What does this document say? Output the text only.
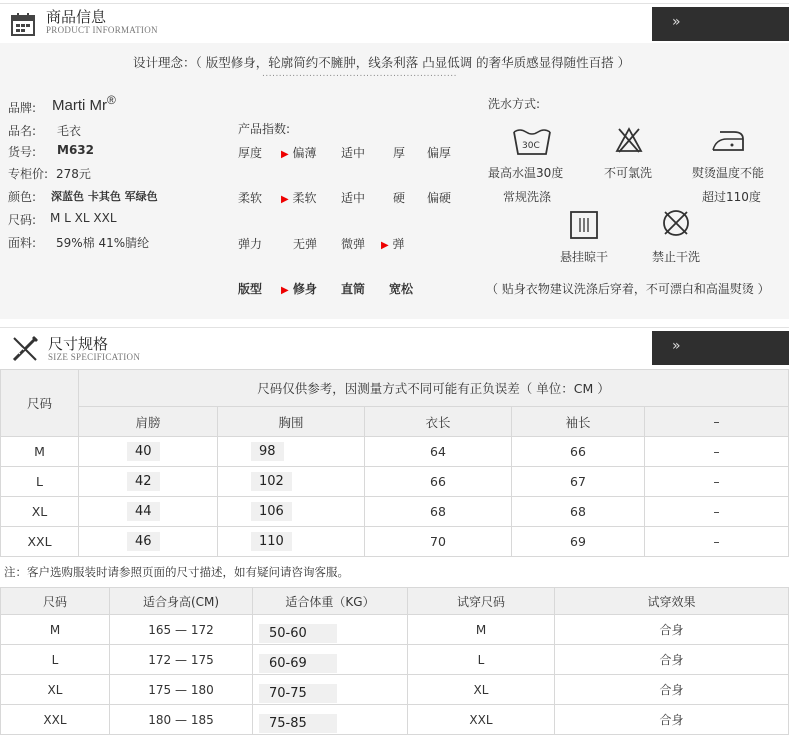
商品信息
PRODUCT INFORMATION	»
设计理念：（ 版型修身，轮廓简约不臃肿，线条利落 凸显低调 的奢华质感显得随性百搭 ）
..........................................................
品牌: Marti Mr®
品名: 毛衣
货号: M632
专柜价: 278元
颜色: 深蓝色 卡其色 军绿色
尺码: M L XL XXL
面料: 59%棉 41%腈纶
产品指数:
厚度 ▶ 偏薄 适中 厚 偏厚
柔软 ▶ 柔软 适中 硬 偏硬
弹力	无弹 微弹 ▶ 弹
版型 ▶ 修身 直筒 宽松
洗水方式:
30C
最高水温30度
常规洗涤
不可氯洗	熨烫温度不能
超过110度
悬挂晾干	禁止干洗
（ 贴身衣物建议洗涤后穿着，不可漂白和高温熨烫 ）
尺寸规格
SIZE SPECIFICATION
»
尺码	尺码仅供参考，因测量方式不同可能有正负误差（ 单位：CM ）				
	肩膀	胸围	衣长	袖长	–
M	40	98	64	66	–
L	42	102	66	67	–
XL	44	106	68	68	–
XXL	46	110	70	69	–
注：客户选购服装时请参照页面的尺寸描述，如有疑问请咨询客服。
尺码	适合身高(CM)	适合体重（KG）	试穿尺码	试穿效果
M	165 — 172	50-60	M	合身
L	172 — 175	60-69	L	合身
XL	175 — 180	70-75	XL	合身
XXL	180 — 185	75-85	XXL	合身
